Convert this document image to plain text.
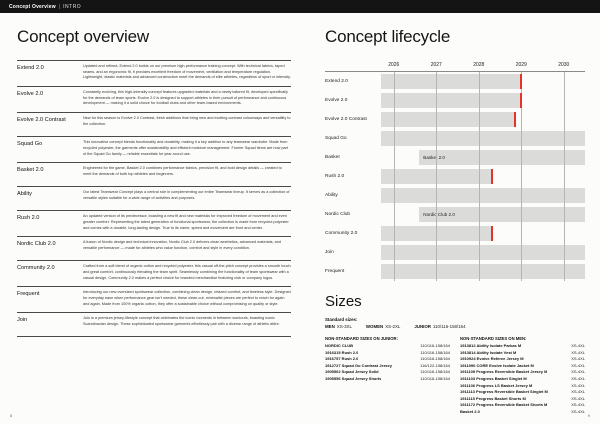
Concept Overview | INTRO
Concept overview
Extend 2.0	Updated and refined, Extend 2.0 builds on our premium high-performance training concept. With technical fabrics, taped seams, and an ergonomic fit, it provides excellent freedom of movement, ventilation and temperature regulation. Lightweight, elastic materials and advanced construction meet the demands of elite athletes, regardless of sport or intensity.
Evolve 2.0	Constantly evolving, this high-intensity concept features upgraded materials and a newly tailored fit, developed specifically for the demands of team sports. Evolve 2.0 is designed to support athletes in their pursuit of performance and continuous development — making it a solid choice for football clubs and other team-based environments.
Evolve 2.0 Contrast	New for this season is Evolve 2.0 Contrast, fresh additions that bring new and exciting contrast colourways and versatility to the collection.
Squad Go	This innovative concept blends functionality and durability, making it a key addition to any teamwear wardrobe. Made from recycled polyester, the garments offer sustainability and efficient moisture management. Former Squad items are now part of the Squad Go family — reliable essentials for year-round use.
Basket 2.0	Engineered for the game, Basket 2.0 combines performance fabrics, precision fit, and bold design details — created to meet the demands of both top athletes and beginners.
Ability	Our latest Teamwear Concept plays a central role in complementing our entire Teamwear lineup. It serves as a collection of versatile styles suitable for a wide range of activities and purposes.
Rush 2.0	An updated version of its predecessor, boasting a new fit and new materials for improved freedom of movement and even greater comfort. Representing the latest generation of functional sportswear, the collection is made from recycled polyester and comes with a durable, long-lasting design. True to its name, speed and movement are front and center.
Nordic Club 2.0	A fusion of Nordic design and technical innovation, Nordic Club 2.0 delivers clean aesthetics, advanced materials, and versatile performance — made for athletes who value function, comfort and style in every condition.
Community 2.0	Crafted from a soft blend of organic cotton and recycled polyester, this casual off-the-pitch concept provides a smooth touch and great comfort, continuously elevating the team spirit. Seamlessly combining the functionality of team sportswear with a casual design, Community 2.0 makes a perfect choice for branded merchandise featuring club or company logos.
Frequent	Introducing our new oversized sportswear collection, combining clean design, relaxed comfort, and timeless style. Designed for everyday ease when performance gear isn't needed, these clean-cut, minimalist pieces are perfect to reach for again and again. Made from 100% organic cotton, they offer a sustainable choice without compromising on quality or style.
Join	Join is a premium jersey-lifestyle concept that celebrates the iconic moments in between workouts, boasting iconic Scandinavian design. These sophisticated sportswear garments effortlessly pair with a diverse range of athletic attire.
Concept lifecycle
2026	2027	2028	2029	2030
Extend 2.0
Evolve 2.0
Evolve 2.0 Contrast
Squad Go
Basket	Basket 2.0
Rush 2.0
Ability
Nordic Club	Nordic Club 2.0
Community 2.0
Join
Frequent
Sizes
Standard sizes:
MEN XS-3XL	WOMEN XS-2XL	JUNIOR 110/116-158/164
NON-STANDARD SIZES ON JUNIOR:
NORDIC CLUB	110/116-158/164
1916315 Rush 2.0	110/116-158/164
1916757 Rush 2.0	110/116-158/164
1912727 Squad Go Contrast Jersey	116/122-158/164
1905562 Squad Jersey Solid	110/116-158/164
1905556 Squad Jersey Shorts	110/116-158/164
NON-STANDARD SIZES ON MEN:
1913812 Ability Isolate Parkas M	XS-4XL
1913814 Ability Isolate Vest M	XS-4XL
1910924 Evolve Referee Jersey M	XS-4XL
1911990 CORE Evolve Isolate Jacket M	XS-4XL
1911109 Progress Reversible Basket Jersey M	XS-4XL
1911103 Progress Basket Singlet M	XS-4XL
1911106 Progress LS Basket Jersey M	XS-4XL
1911113 Progress Reversible Basket Singlet M	XS-4XL
1911115 Progress Basket Shorts M	XS-4XL
1911172 Progress Reversible Basket Shorts M	XS-4XL
Basket 2.0	XS-4XL
8	9
